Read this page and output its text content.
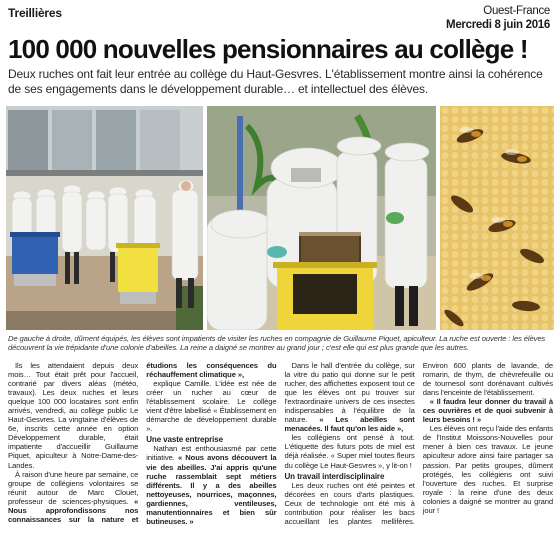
Treillières	Ouest-France
Mercredi 8 juin 2016
100 000 nouvelles pensionnaires au collège !
Deux ruches ont fait leur entrée au collège du Haut-Gesvres. L'établissement montre ainsi la cohérence de ses engagements dans le développement durable… et intellectuel des élèves.
De gauche à droite, dûment équipés, les élèves sont impatients de visiter les ruches en compagnie de Guillaume Piquet, apiculteur. La ruche est ouverte : les élèves découvrent la vie trépidante d'une colonie d'abeilles. La reine a daigné se montrer au grand jour ; c'est elle qui est plus grande que les autres.

Ils les attendaient depuis deux mois… Tout était prêt pour l'accueil, contrarié par divers aléas (météo, travaux). Les deux ruches et leurs quelque 100 000 locataires sont enfin arrivés, vendredi, au collège public Le Haut-Gesvres. La vingtaine d'élèves de 6e, inscrits cette année en option Développement durable, était impatiente d'accueillir Guillaume Piquet, apiculteur à Notre-Dame-des-Landes.

À raison d'une heure par semaine, ce groupe de collégiens volontaires se réunit autour de Marc Clouet, professeur de sciences-physiques. « Nous approfondissons nos connaissances sur la nature et étudions les conséquences du réchauffement climatique »,

explique Camille. L'idée est née de créer un rucher au cœur de l'établissement scolaire. Le collège vient d'être labellisé « Établissement en démarche de développement durable ».

Une vaste entreprise

Nathan est enthousiasmé par cette initiative. « Nous avons découvert la vie des abeilles. J'ai appris qu'une ruche rassemblait sept métiers différents. Il y a des abeilles nettoyeuses, nourrices, maçonnes, gardiennes, ventileuses, manutentionnaires et bien sûr butineuses. »

Dans le hall d'entrée du collège, sur la vitre du patio qui donne sur le petit rucher, des affichettes exposent tout ce que les élèves ont pu trouver sur l'extraordinaire univers de ces insectes indispensables à l'équilibre de la nature. « Les abeilles sont menacées. Il faut qu'on les aide »,

les collégiens ont pensé à tout. L'étiquette des futurs pots de miel est déjà réalisée. « Super miel toutes fleurs du collège Le Haut-Gesvres », y lit-on !

Un travail interdisciplinaire

Les deux ruches ont été peintes et décorées en cours d'arts plastiques. Ceux de technologie ont été mis à contribution pour réaliser les bacs accueillant les plantes mellifères. Environ 600 plants de lavande, de romarin, de thym, de chèvrefeuille ou de tournesol sont dorénavant cultivés dans l'enceinte de l'établissement.

« Il faudra leur donner du travail à ces ouvrières et de quoi subvenir à leurs besoins ! »

Les élèves ont reçu l'aide des enfants de l'Institut Moissons-Nouvelles pour mener à bien ces travaux. Le jeune apiculteur adore ainsi faire partager sa passion. Par petits groupes, dûment protégés, les collégiens ont suivi l'ouverture des ruches. Et surprise royale : la reine d'une des deux colonies a daigné se montrer au grand jour !
